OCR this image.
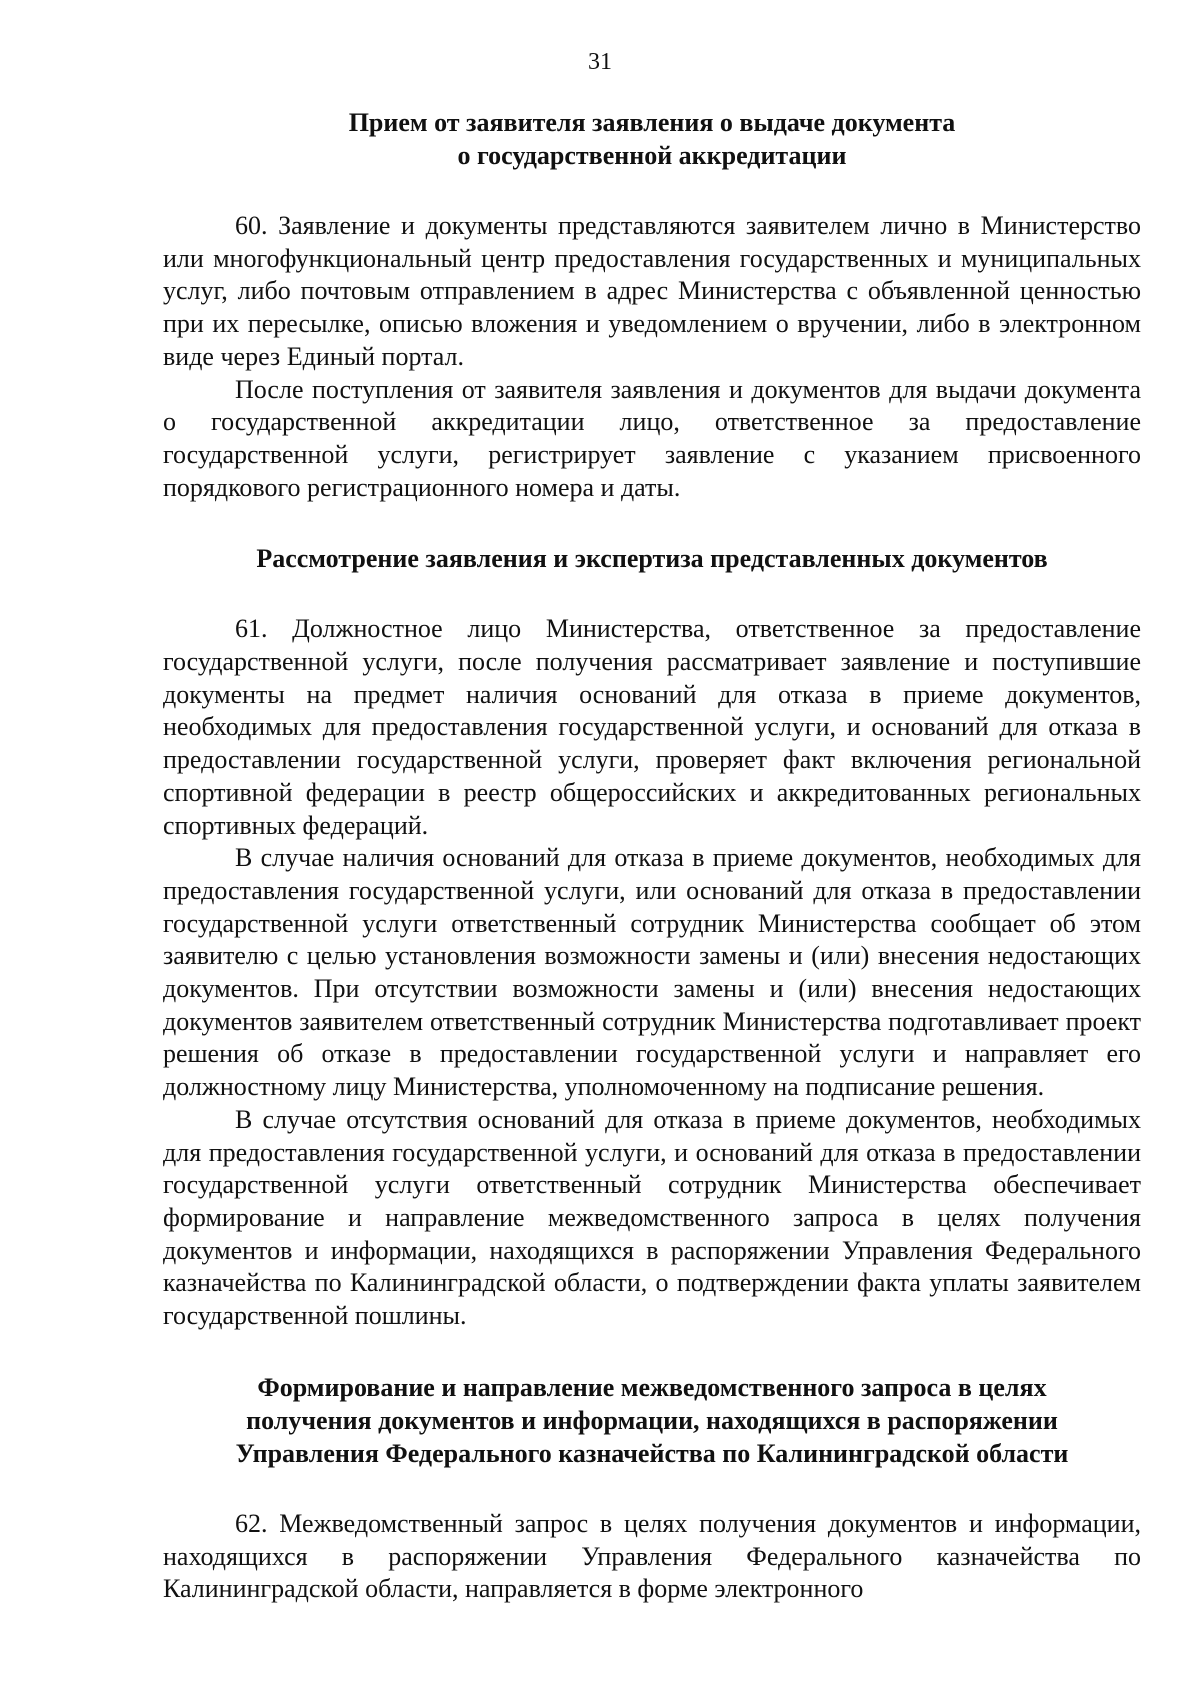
31
Прием от заявителя заявления о выдаче документа
о государственной аккредитации

60. Заявление и документы представляются заявителем лично в Министерство или многофункциональный центр предоставления государственных и муниципальных услуг, либо почтовым отправлением в адрес Министерства с объявленной ценностью при их пересылке, описью вложения и уведомлением о вручении, либо в электронном виде через Единый портал.

После поступления от заявителя заявления и документов для выдачи документа о государственной аккредитации лицо, ответственное за предоставление государственной услуги, регистрирует заявление с указанием присвоенного порядкового регистрационного номера и даты.

Рассмотрение заявления и экспертиза представленных документов

61. Должностное лицо Министерства, ответственное за предоставление государственной услуги, после получения рассматривает заявление и поступившие документы на предмет наличия оснований для отказа в приеме документов, необходимых для предоставления государственной услуги, и оснований для отказа в предоставлении государственной услуги, проверяет факт включения региональной спортивной федерации в реестр общероссийских и аккредитованных региональных спортивных федераций.

В случае наличия оснований для отказа в приеме документов, необходимых для предоставления государственной услуги, или оснований для отказа в предоставлении государственной услуги ответственный сотрудник Министерства сообщает об этом заявителю с целью установления возможности замены и (или) внесения недостающих документов. При отсутствии возможности замены и (или) внесения недостающих документов заявителем ответственный сотрудник Министерства подготавливает проект решения об отказе в предоставлении государственной услуги и направляет его должностному лицу Министерства, уполномоченному на подписание решения.

В случае отсутствия оснований для отказа в приеме документов, необходимых для предоставления государственной услуги, и оснований для отказа в предоставлении государственной услуги ответственный сотрудник Министерства обеспечивает формирование и направление межведомственного запроса в целях получения документов и информации, находящихся в распоряжении Управления Федерального казначейства по Калининградской области, о подтверждении факта уплаты заявителем государственной пошлины.

Формирование и направление межведомственного запроса в целях
получения документов и информации, находящихся в распоряжении
Управления Федерального казначейства по Калининградской области

62. Межведомственный запрос в целях получения документов и информации, находящихся в распоряжении Управления Федерального казначейства по Калининградской области, направляется в форме электронного
